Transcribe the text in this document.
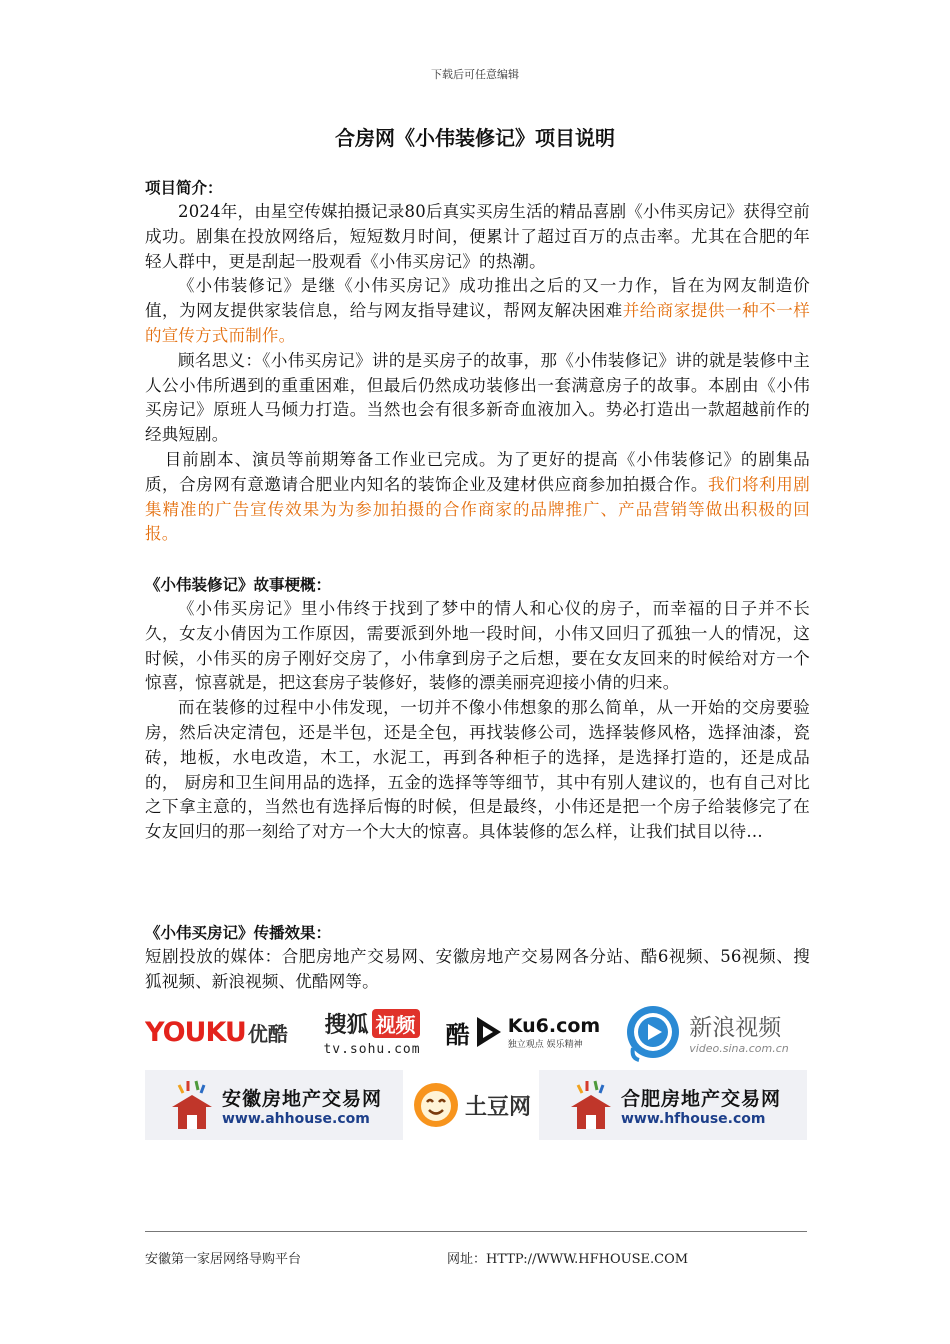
下载后可任意编辑
合房网《小伟装修记》项目说明
项目简介：

2024年，由星空传媒拍摄记录80后真实买房生活的精品喜剧《小伟买房记》获得空前成功。剧集在投放网络后，短短数月时间，便累计了超过百万的点击率。尤其在合肥的年轻人群中，更是刮起一股观看《小伟买房记》的热潮。

《小伟装修记》是继《小伟买房记》成功推出之后的又一力作，旨在为网友制造价值，为网友提供家装信息，给与网友指导建议，帮网友解决困难并给商家提供一种不一样的宣传方式而制作。

顾名思义：《小伟买房记》讲的是买房子的故事，那《小伟装修记》讲的就是装修中主人公小伟所遇到的重重困难，但最后仍然成功装修出一套满意房子的故事。本剧由《小伟买房记》原班人马倾力打造。当然也会有很多新奇血液加入。势必打造出一款超越前作的经典短剧。

目前剧本、演员等前期筹备工作业已完成。为了更好的提高《小伟装修记》的剧集品质，合房网有意邀请合肥业内知名的装饰企业及建材供应商参加拍摄合作。我们将利用剧集精准的广告宣传效果为为参加拍摄的合作商家的品牌推广、产品营销等做出积极的回报。

《小伟装修记》故事梗概：

《小伟买房记》里小伟终于找到了梦中的情人和心仪的房子，而幸福的日子并不长久，女友小倩因为工作原因，需要派到外地一段时间，小伟又回归了孤独一人的情况，这时候，小伟买的房子刚好交房了，小伟拿到房子之后想，要在女友回来的时候给对方一个惊喜，惊喜就是，把这套房子装修好，装修的漂美丽亮迎接小倩的归来。

而在装修的过程中小伟发现，一切并不像小伟想象的那么简单，从一开始的交房要验房，然后决定清包，还是半包，还是全包，再找装修公司，选择装修风格，选择油漆，瓷砖，地板，水电改造，木工，水泥工，再到各种柜子的选择，是选择打造的，还是成品的， 厨房和卫生间用品的选择，五金的选择等等细节，其中有别人建议的，也有自己对比之下拿主意的，当然也有选择后悔的时候，但是最终，小伟还是把一个房子给装修完了在女友回归的那一刻给了对方一个大大的惊喜。具体装修的怎么样，让我们拭目以待…

《小伟买房记》传播效果：

短剧投放的媒体：合肥房地产交易网、安徽房地产交易网各分站、酷6视频、56视频、搜狐视频、新浪视频、优酷网等。

YOUKU 优酷 搜狐 视频
tv.sohu.com
酷 Ku6.com
独立观点 娱乐精神
新浪视频
video.sina.com.cn
安徽房地产交易网
www.ahhouse.com	土豆网	合肥房地产交易网
www.hfhouse.com
安徽第一家居网络导购平台	网址：HTTP://WWW.HFHOUSE.COM
